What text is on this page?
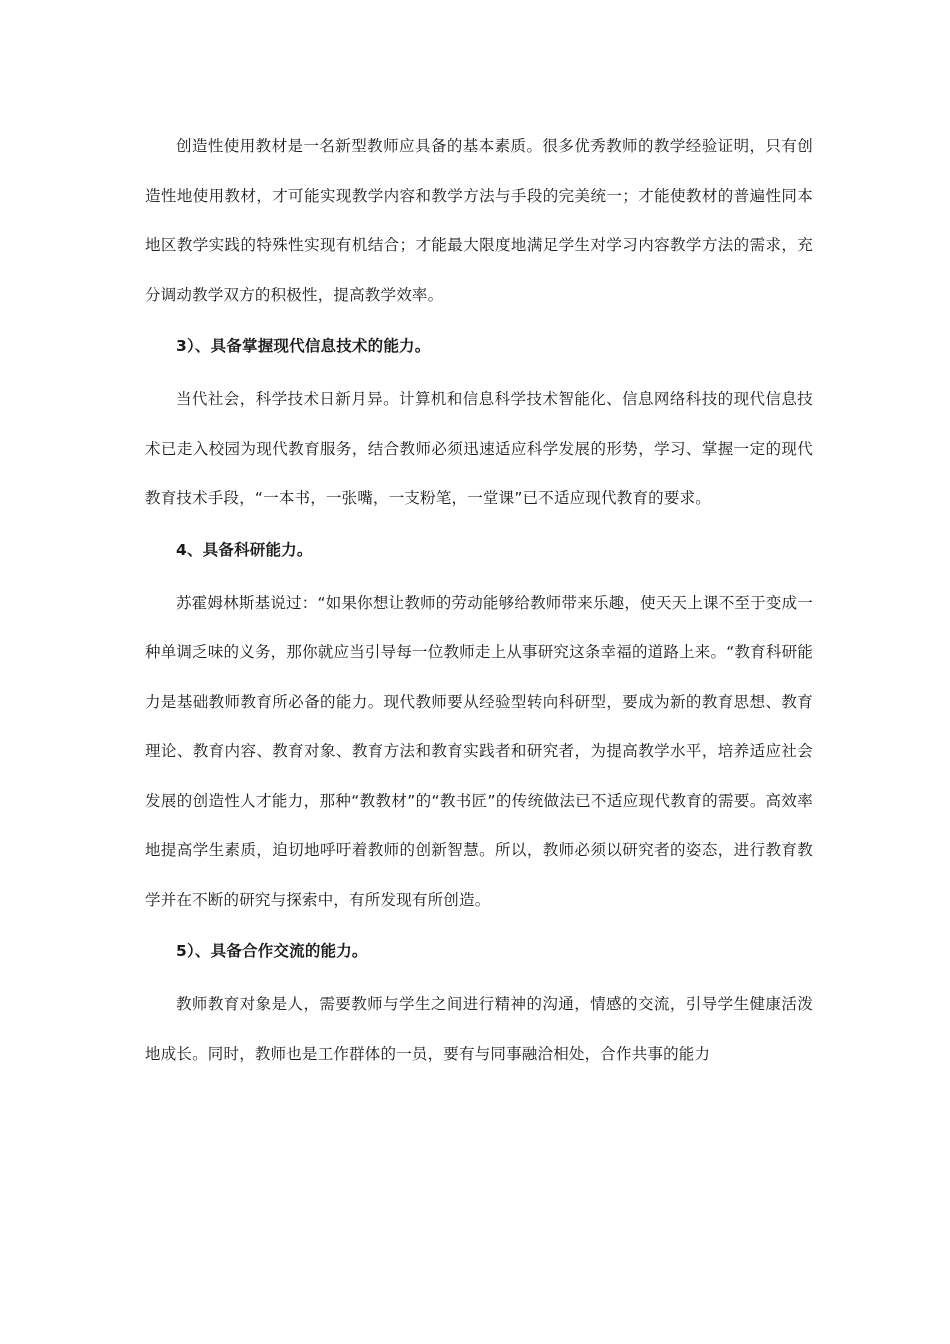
创造性使用教材是一名新型教师应具备的基本素质。很多优秀教师的教学经验证明，只有创造性地使用教材，才可能实现教学内容和教学方法与手段的完美统一；才能使教材的普遍性同本地区教学实践的特殊性实现有机结合；才能最大限度地满足学生对学习内容教学方法的需求，充分调动教学双方的积极性，提高教学效率。

3）、具备掌握现代信息技术的能力。

当代社会，科学技术日新月异。计算机和信息科学技术智能化、信息网络科技的现代信息技术已走入校园为现代教育服务，结合教师必须迅速适应科学发展的形势，学习、掌握一定的现代教育技术手段，“一本书，一张嘴，一支粉笔，一堂课”已不适应现代教育的要求。

4、具备科研能力。

苏霍姆林斯基说过：“如果你想让教师的劳动能够给教师带来乐趣，使天天上课不至于变成一种单调乏味的义务，那你就应当引导每一位教师走上从事研究这条幸福的道路上来。“教育科研能力是基础教师教育所必备的能力。现代教师要从经验型转向科研型，要成为新的教育思想、教育理论、教育内容、教育对象、教育方法和教育实践者和研究者，为提高教学水平，培养适应社会发展的创造性人才能力，那种“教教材”的“教书匠”的传统做法已不适应现代教育的需要。高效率地提高学生素质，迫切地呼吁着教师的创新智慧。所以，教师必须以研究者的姿态，进行教育教学并在不断的研究与探索中，有所发现有所创造。

5）、具备合作交流的能力。

教师教育对象是人，需要教师与学生之间进行精神的沟通，情感的交流，引导学生健康活泼地成长。同时，教师也是工作群体的一员，要有与同事融洽相处，合作共事的能力
